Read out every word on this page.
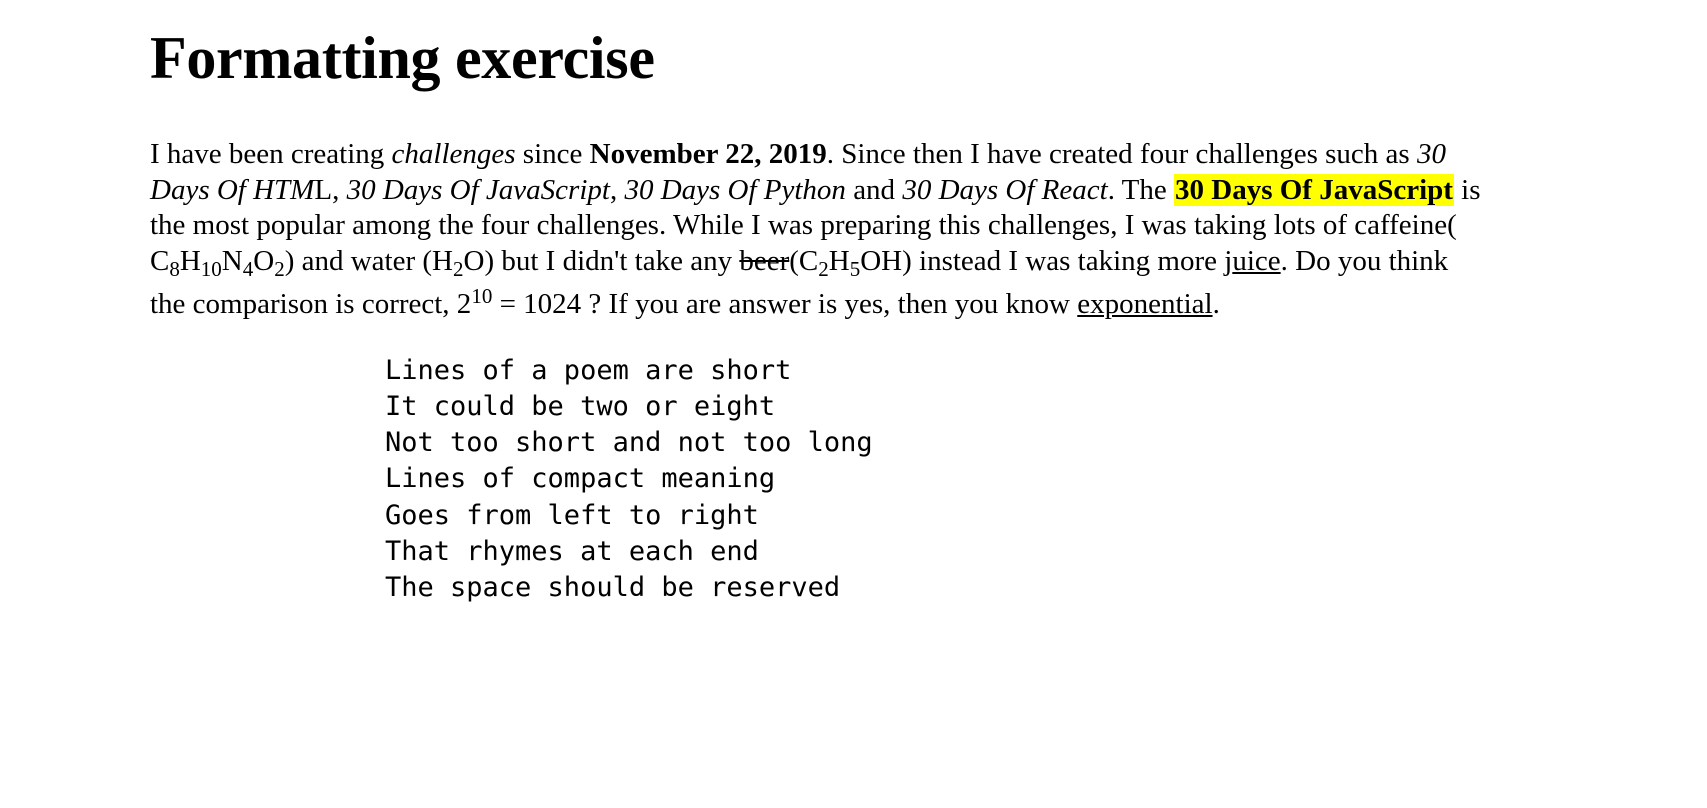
Formatting exercise

I have been creating challenges since November 22, 2019. Since then I have created four challenges such as 30 Days Of HTML, 30 Days Of JavaScript, 30 Days Of Python and 30 Days Of React. The 30 Days Of JavaScript is the most popular among the four challenges. While I was preparing this challenges, I was taking lots of caffeine( $C_8H_{10}N_4O_2$) and water $(H_2O)$ but I didn't take any $beer(C_2H_5OH)$ instead I was taking more juice. Do you think the comparison is correct, $2^{10} = 1024$ ? If you are answer is yes, then you know exponential.

Lines of a poem are short
It could be two or eight
Not too short and not too long
Lines of compact meaning
Goes from left to right
That rhymes at each end
The space should be reserved
